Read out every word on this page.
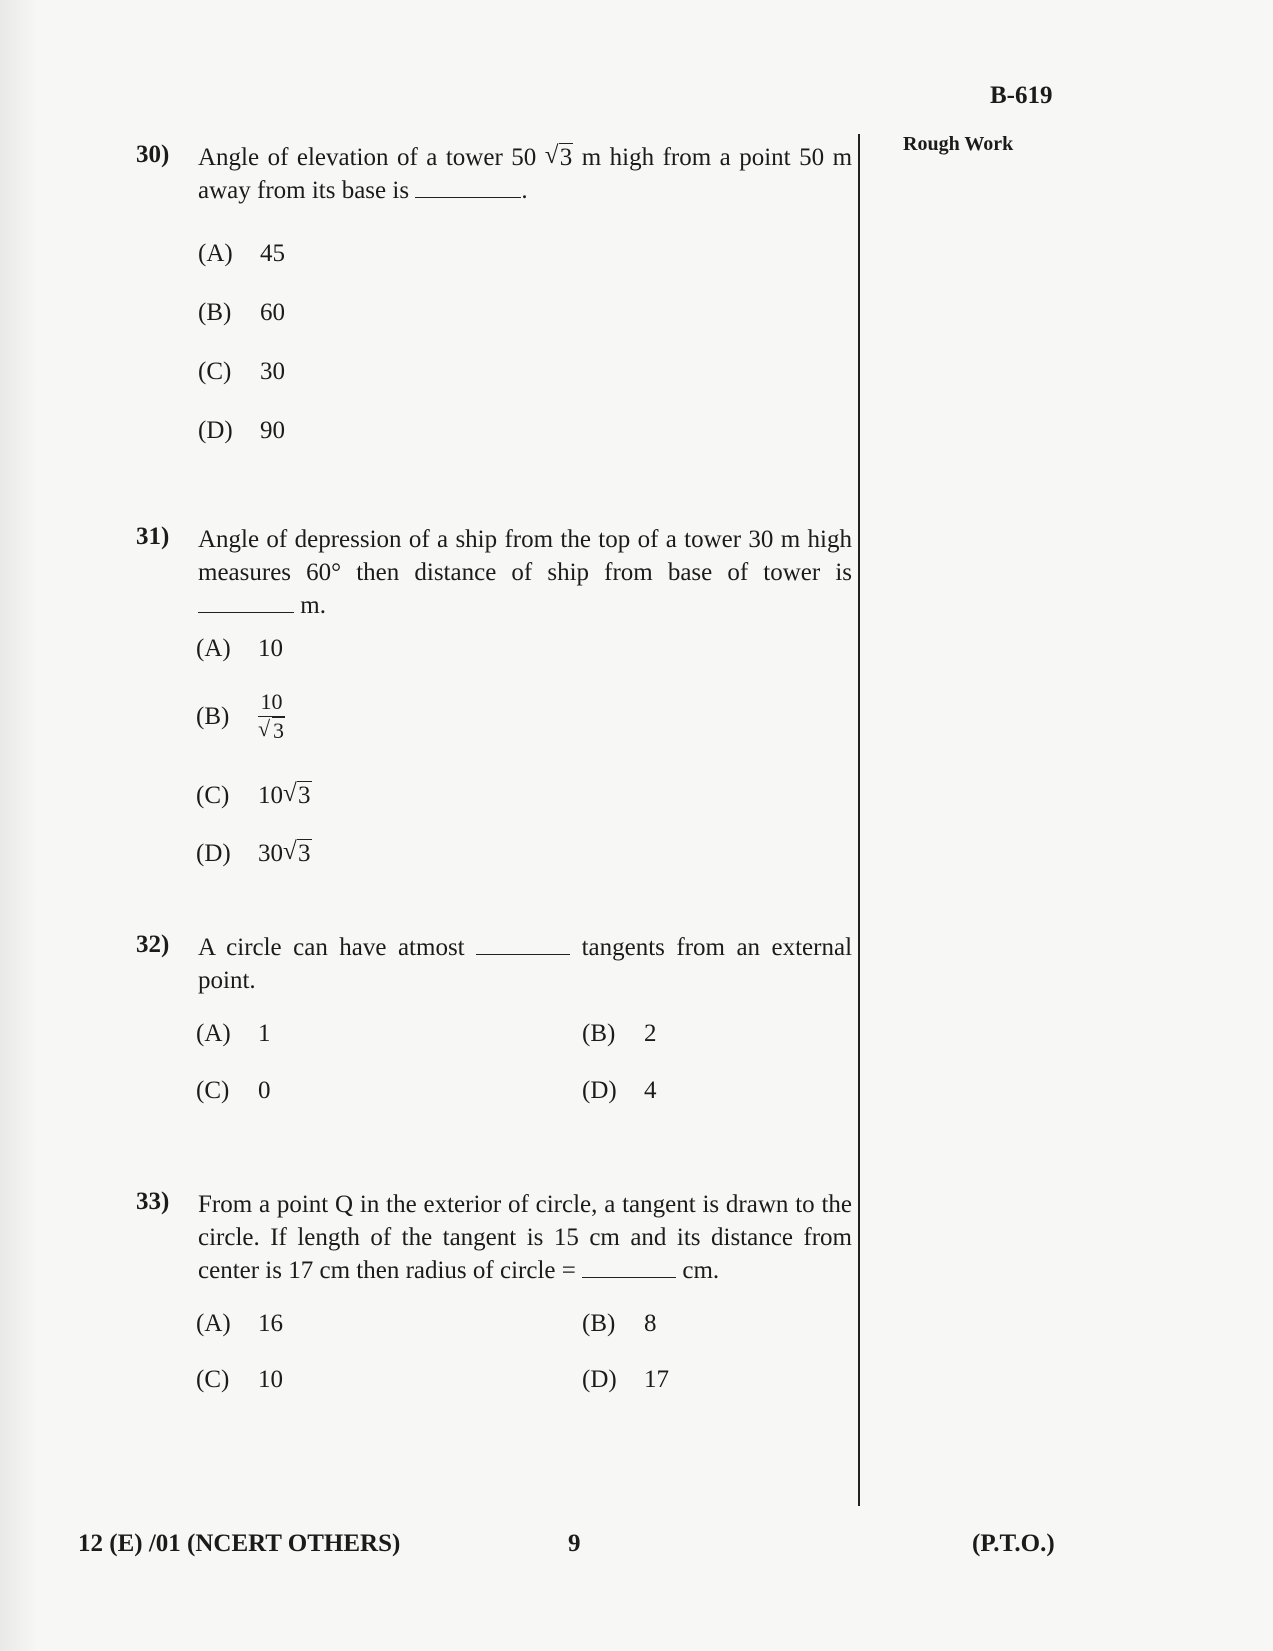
B-619
Rough Work
30) Angle of elevation of a tower 50 √ 3 m high from a point 50 m away from its base is	.
(A) 45
(B) 60
(C) 30
(D) 90
31) Angle of depression of a ship from the top of a tower 30 m high measures 60° then distance of ship from base of tower is  m.
(A) 10
$(B) \frac{10}{√ 3}$
(C) 10 √ 3
(D) 30 √ 3
32) A circle can have atmost	tangents from an external point.
(A) 1	(B) 2
(C) 0	(D) 4
33) From a point Q in the exterior of circle, a tangent is drawn to the circle. If length of the tangent is 15 cm and its distance from center is 17 cm then radius of circle =	cm.
(A) 16	(B) 8
(C) 10	(D) 17
12 (E) /01 (NCERT OTHERS)	9	(P.T.O.)
